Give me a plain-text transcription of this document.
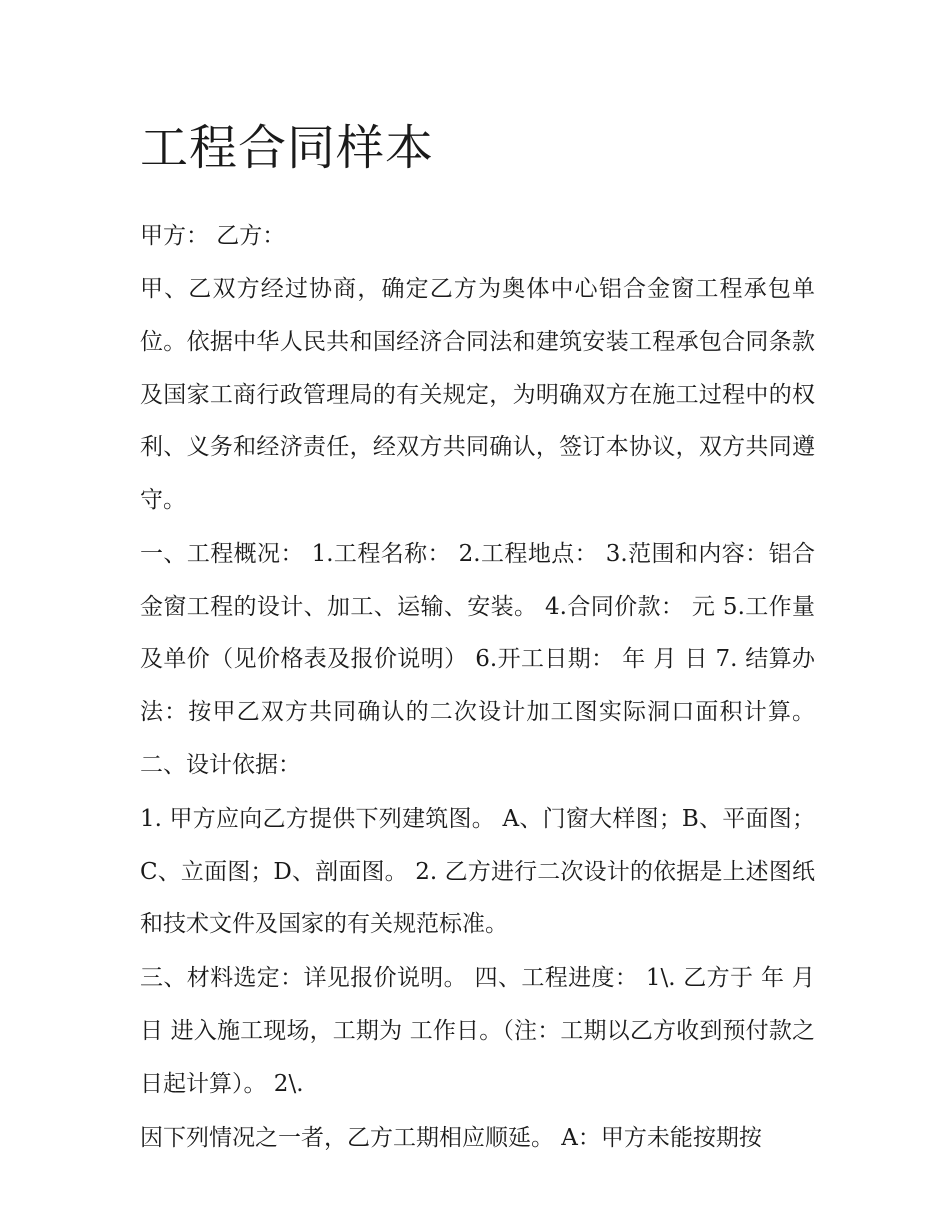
工程合同样本

甲方： 乙方：

甲、乙双方经过协商，确定乙方为奥体中心铝合金窗工程承包单位。依据中华人民共和国经济合同法和建筑安装工程承包合同条款及国家工商行政管理局的有关规定，为明确双方在施工过程中的权利、义务和经济责任，经双方共同确认，签订本协议，双方共同遵守。

一、工程概况： 1.工程名称： 2.工程地点： 3.范围和内容：铝合金窗工程的设计、加工、运输、安装。 4.合同价款： 元 5.工作量及单价（见价格表及报价说明） 6.开工日期： 年 月 日 7. 结算办法：按甲乙双方共同确认的二次设计加工图实际洞口面积计算。 二、设计依据：

1. 甲方应向乙方提供下列建筑图。 A、门窗大样图；B、平面图；C、立面图；D、剖面图。 2. 乙方进行二次设计的依据是上述图纸和技术文件及国家的有关规范标准。

三、材料选定：详见报价说明。 四、工程进度： 1\. 乙方于 年 月 日 进入施工现场，工期为 工作日。（注：工期以乙方收到预付款之日起计算）。 2\.

因下列情况之一者，乙方工期相应顺延。 A：甲方未能按期按
